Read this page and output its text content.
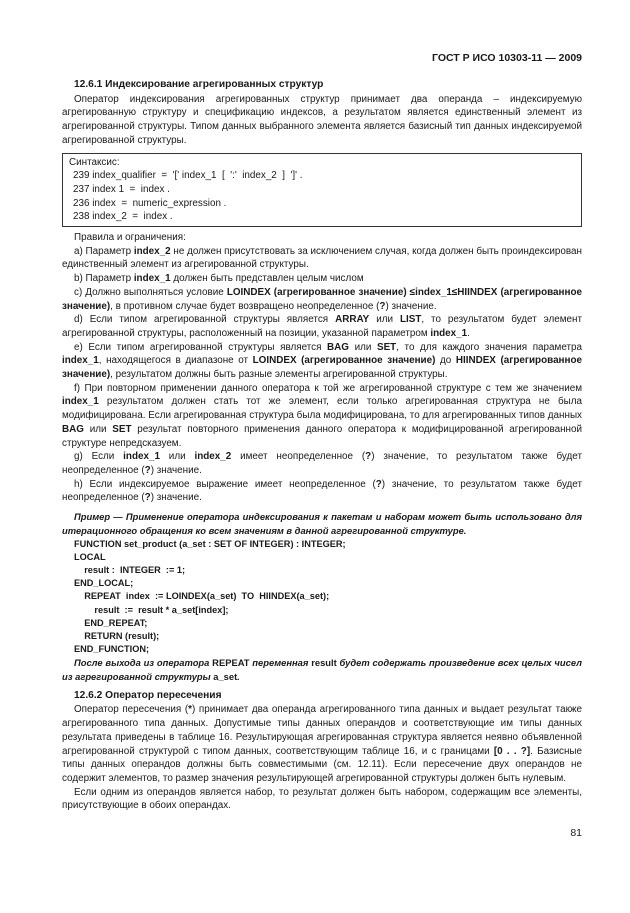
ГОСТ Р ИСО 10303-11 — 2009

12.6.1 Индексирование агрегированных структур

Оператор индексирования агрегированных структур принимает два операнда – индексируемую агрегированную структуру и спецификацию индексов, а результатом является единственный элемент из агрегированной структуры. Типом данных выбранного элемента является базисный тип данных индексируемой агрегированной структуры.

Синтаксис:

239 index_qualifier  =  '[' index_1  [  ':'  index_2  ]  ']' .

237 index 1  =  index .

236 index  =  numeric_expression .

238 index_2  =  index .

Правила и ограничения:

а) Параметр index_2 не должен присутствовать за исключением случая, когда должен быть проиндексирован единственный элемент из агрегированной структуры.

b) Параметр index_1 должен быть представлен целым числом

с) Должно выполняться условие LOINDEX (агрегированное значение) ≤index_1≤HIINDEX (агрегированное значение), в противном случае будет возвращено неопределенное (?) значение.

d) Если типом агрегированной структуры является ARRAY или LIST, то результатом будет элемент агрегированной структуры, расположенный на позиции, указанной параметром index_1.

е) Если типом агрегированной структуры является BAG или SET, то для каждого значения параметра index_1, находящегося в диапазоне от LOINDEX (агрегированное значение) до HIINDEX (агрегированное значение), результатом должны быть разные элементы агрегированной структуры.

f) При повторном применении данного оператора к той же агрегированной структуре с тем же значением index_1 результатом должен стать тот же элемент, если только агрегированная структура не была модифицирована. Если агрегированная структура была модифицирована, то для агрегированных типов данных BAG или SET результат повторного применения данного оператора к модифицированной агрегированной структуре непредсказуем.

g) Если index_1 или index_2 имеет неопределенное (?) значение, то результатом также будет неопределенное (?) значение.

h) Если индексируемое выражение имеет неопределенное (?) значение, то результатом также будет неопределенное (?) значение.

Пример — Применение оператора индексирования к пакетам и наборам может быть использовано для итерационного обращения ко всем значениям в данной агрегированной структуре.

FUNCTION set_product (a_set : SET OF INTEGER) : INTEGER;

LOCAL

result :  INTEGER  := 1;

END_LOCAL;

REPEAT  index  := LOINDEX(a_set)  TO  HIINDEX(a_set);

result  :=  result * a_set[index];

END_REPEAT;

RETURN (result);

END_FUNCTION;

После выхода из оператора REPEAT переменная result будет содержать произведение всех целых чисел из агрегированной структуры a_set.

12.6.2 Оператор пересечения

Оператор пересечения (*) принимает два операнда агрегированного типа данных и выдает результат также агрегированного типа данных. Допустимые типы данных операндов и соответствующие им типы данных результата приведены в таблице 16. Результирующая агрегированная структура является неявно объявленной агрегированной структурой с типом данных, соответствующим таблице 16, и с границами [0 . . ?]. Базисные типы данных операндов должны быть совместимыми (см. 12.11). Если пересечение двух операндов не содержит элементов, то размер значения результирующей агрегированной структуры должен быть нулевым.

Если одним из операндов является набор, то результат должен быть набором, содержащим все элементы, присутствующие в обоих операндах.

81
